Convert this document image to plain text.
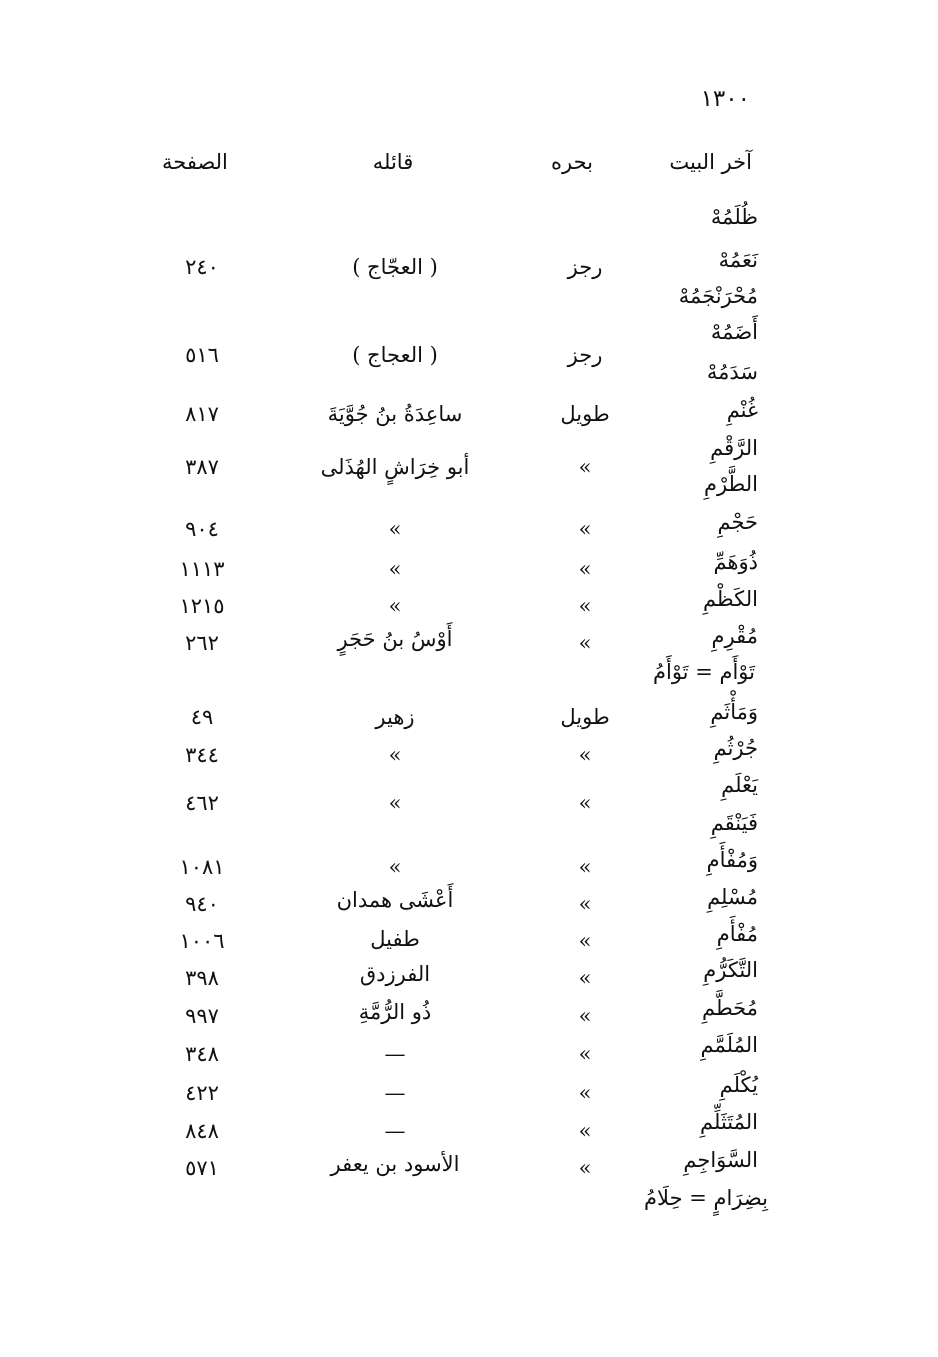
١٣٠٠
آخر البيت
بحره
قائله
الصفحة
ظُلَمُهْ
نَعَمُهْ
مُحْرَنْجَمُهْ
أَضَمُهْ
سَدَمُهْ
غُنْمِ
الرَّقْمِ
الطَّرْمِ
حَجْمِ
ذُوَهَمِّ
الكَظْمِ
مُقْرِمِ
تَوْأَم = تَوْأَمُ
وَمَأْثَمِ
جُرْثُمِ
يَعْلَمِ
فَيَنْقَمِ
وَمُفْأَمِ
مُسْلِمِ
مُفْأَمِ
التَّكَرُّمِ
مُحَطَّمِ
المُلَمَّمِ
يُكْلَمِ
المُتَثَلِّمِ
السَّوَاجِمِ
بِضِرَامٍ = حِلَامُ
رجز
( العجّاج )
٢٤٠
رجز
( العجاج )
٥١٦
طويل
ساعِدَةُ بنُ جُوَّيَةَ
٨١٧
»
أبو خِرَاشٍ الهُذَلى
٣٨٧
»
»
٩٠٤
»
»
١١١٣
»
»
١٢١٥
»
أَوْسُ بنُ حَجَرٍ
٢٦٢
طويل
زهير
٤٩
»
»
٣٤٤
»
»
٤٦٢
»
»
١٠٨١
»
أَعْشَى همدان
٩٤٠
»
طفيل
١٠٠٦
»
الفرزدق
٣٩٨
»
ذُو الرُّمَّةِ
٩٩٧
»
—
٣٤٨
»
—
٤٢٢
»
—
٨٤٨
»
الأسود بن يعفر
٥٧١
